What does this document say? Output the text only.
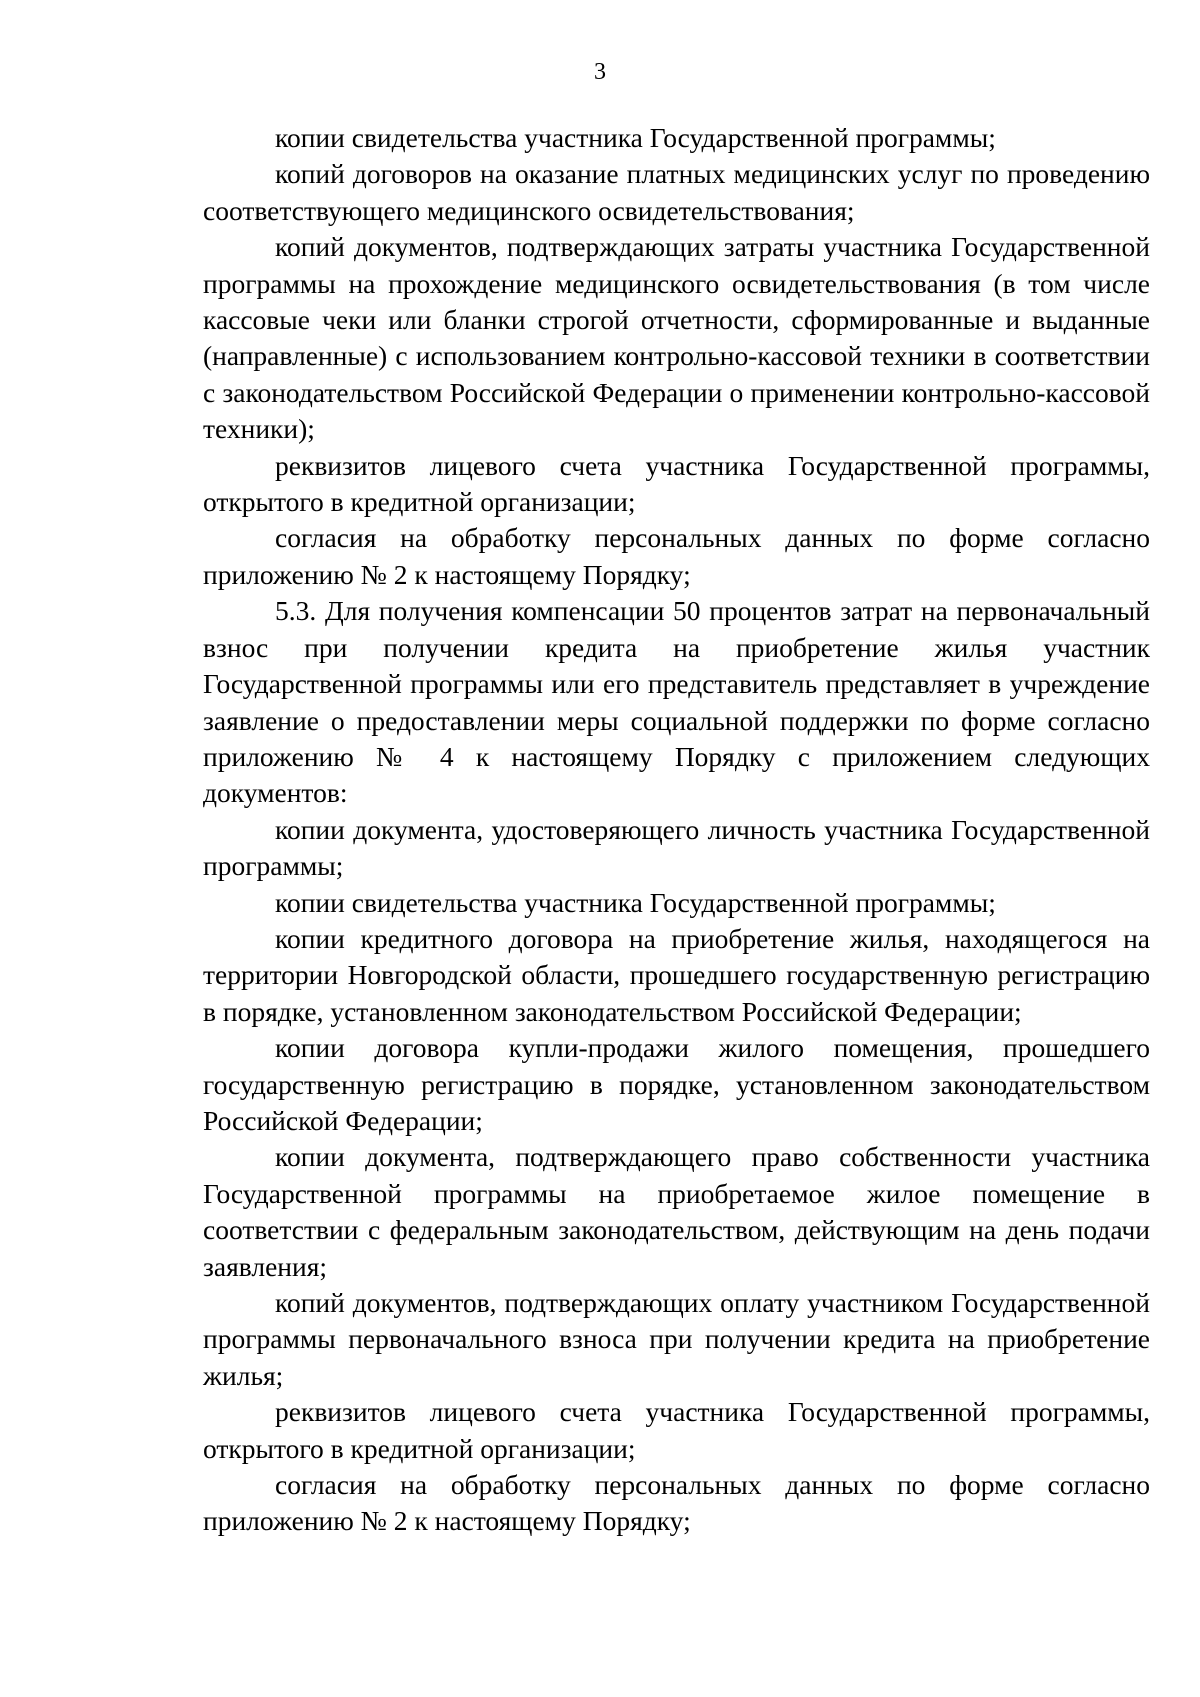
3

копии свидетельства участника Государственной программы;

копий договоров на оказание платных медицинских услуг по проведению соответствующего медицинского освидетельствования;

копий документов, подтверждающих затраты участника Государственной программы на прохождение медицинского освидетельствования (в том числе кассовые чеки или бланки строгой отчетности, сформированные и выданные (направленные) с использованием контрольно-кассовой техники в соответствии с законодательством Российской Федерации о применении контрольно-кассовой техники);

реквизитов лицевого счета участника Государственной программы, открытого в кредитной организации;

согласия на обработку персональных данных по форме согласно приложению № 2 к настоящему Порядку;

5.3. Для получения компенсации 50 процентов затрат на первоначальный взнос при получении кредита на приобретение жилья участник Государственной программы или его представитель представляет в учреждение заявление о предоставлении меры социальной поддержки по форме согласно приложению № 4 к настоящему Порядку с приложением следующих документов:

копии документа, удостоверяющего личность участника Государственной программы;

копии свидетельства участника Государственной программы;

копии кредитного договора на приобретение жилья, находящегося на территории Новгородской области, прошедшего государственную регистрацию в порядке, установленном законодательством Российской Федерации;

копии договора купли-продажи жилого помещения, прошедшего государственную регистрацию в порядке, установленном законодательством Российской Федерации;

копии документа, подтверждающего право собственности участника Государственной программы на приобретаемое жилое помещение в соответствии с федеральным законодательством, действующим на день подачи заявления;

копий документов, подтверждающих оплату участником Государственной программы первоначального взноса при получении кредита на приобретение жилья;

реквизитов лицевого счета участника Государственной программы, открытого в кредитной организации;

согласия на обработку персональных данных по форме согласно приложению № 2 к настоящему Порядку;
